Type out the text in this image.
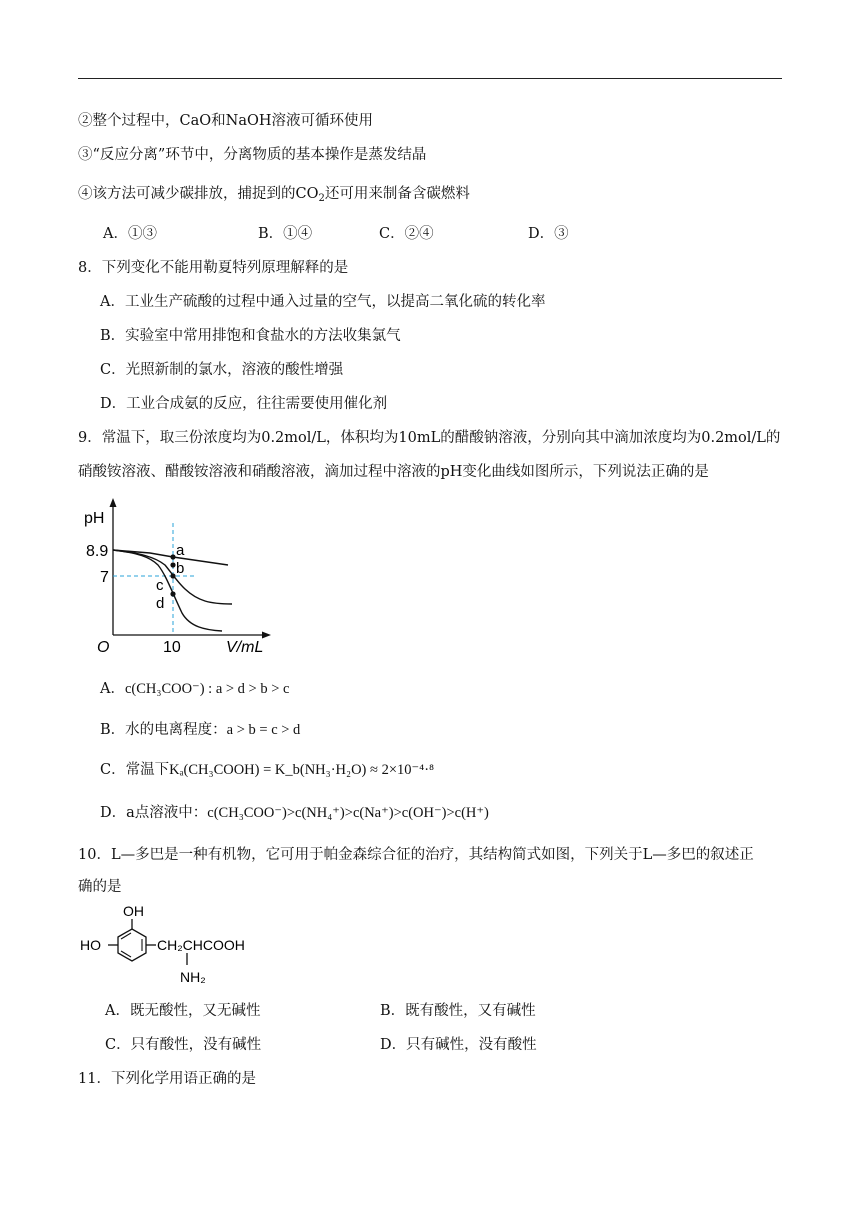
②整个过程中，CaO和NaOH溶液可循环使用
③“反应分离”环节中，分离物质的基本操作是蒸发结晶
④该方法可减少碳排放，捕捉到的$CO_2$还可用来制备含碳燃料
A．①③	B．①④	C．②④	D．③
8．下列变化不能用勒夏特列原理解释的是
A．工业生产硫酸的过程中通入过量的空气，以提高二氧化硫的转化率
B．实验室中常用排饱和食盐水的方法收集氯气
C．光照新制的氯水，溶液的酸性增强
D．工业合成氨的反应，往往需要使用催化剂
9．常温下，取三份浓度均为0.2mol/L，体积均为10mL的醋酸钠溶液，分别向其中滴加浓度均为0.2mol/L的
硝酸铵溶液、醋酸铵溶液和硝酸溶液，滴加过程中溶液的pH变化曲线如图所示，下列说法正确的是
pH
V/mL
O
8.9
7
10
a
b
c
d
A．c(CH₃COO⁻) : a > d > b > c
B．水的电离程度：a > b = c > d
C．常温下Kₐ(CH₃COOH) = K_b(NH₃·H₂O) ≈ 2×10⁻⁴·⁸
D．a点溶液中：c(CH₃COO⁻)>c(NH₄⁺)>c(Na⁺)>c(OH⁻)>c(H⁺)
10．L—多巴是一种有机物，它可用于帕金森综合征的治疗，其结构简式如图，下列关于L—多巴的叙述正
确的是
OH
HO	CH₂CHCOOH
NH₂
A．既无酸性，又无碱性	B．既有酸性，又有碱性
C．只有酸性，没有碱性	D．只有碱性，没有酸性
11．下列化学用语正确的是
